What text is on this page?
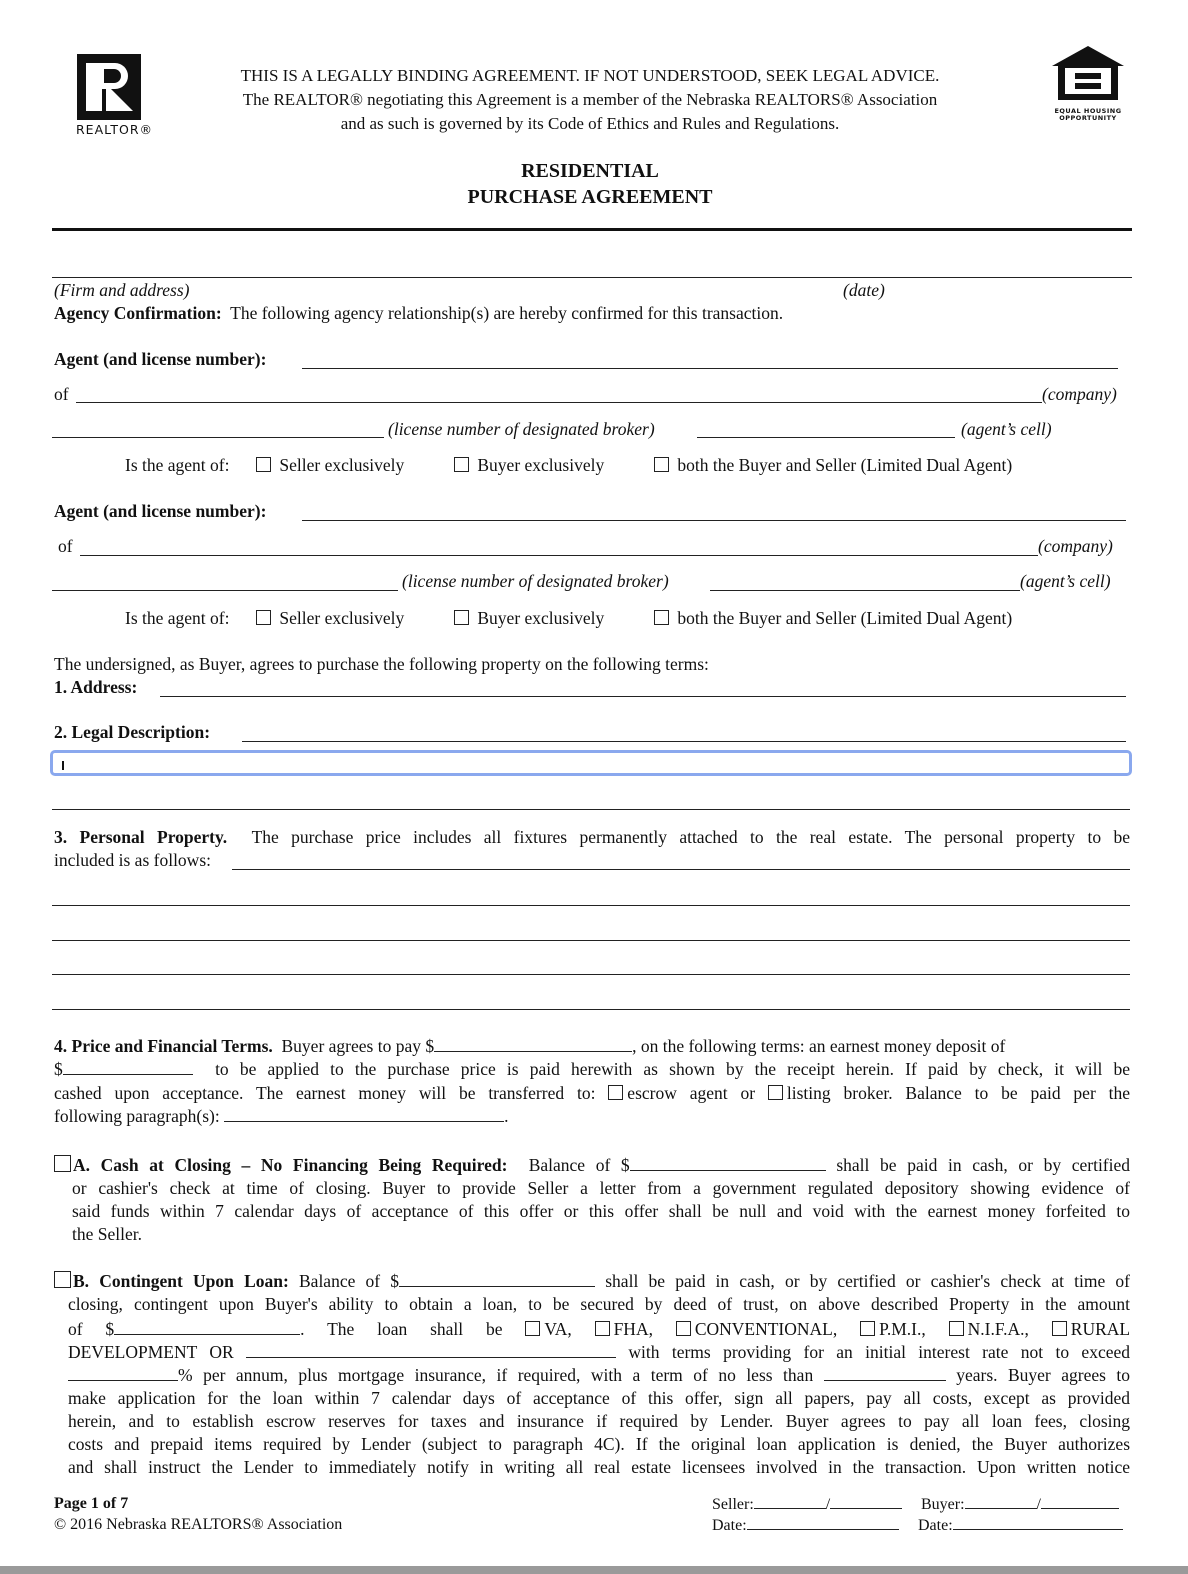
REALTOR®
THIS IS A LEGALLY BINDING AGREEMENT. IF NOT UNDERSTOOD, SEEK LEGAL ADVICE.
The REALTOR® negotiating this Agreement is a member of the Nebraska REALTORS® Association
and as such is governed by its Code of Ethics and Rules and Regulations.
EQUAL HOUSING
OPPORTUNITY
RESIDENTIAL
PURCHASE AGREEMENT
(Firm and address)	(date)
Agency Confirmation: The following agency relationship(s) are hereby confirmed for this transaction.
Agent (and license number):
of	(company)
(license number of designated broker)	(agent’s cell)
Is the agent of:	Seller exclusively	Buyer exclusively	both the Buyer and Seller (Limited Dual Agent)
Agent (and license number):
of	(company)
(license number of designated broker)	(agent’s cell)
Is the agent of:	Seller exclusively	Buyer exclusively	both the Buyer and Seller (Limited Dual Agent)
The undersigned, as Buyer, agrees to purchase the following property on the following terms:
1. Address:
2. Legal Description:
3. Personal Property. The purchase price includes all fixtures permanently attached to the real estate. The personal property to be
included is as follows:
4. Price and Financial Terms. Buyer agrees to pay $	, on the following terms: an earnest money deposit of
$	to be applied to the purchase price is paid herewith as shown by the receipt herein. If paid by check, it will be
cashed upon acceptance. The earnest money will be transferred to: escrow agent or listing broker. Balance to be paid per the
following paragraph(s):	.
A. Cash at Closing – No Financing Being Required: Balance of $	shall be paid in cash, or by certified
or cashier's check at time of closing. Buyer to provide Seller a letter from a government regulated depository showing evidence of
said funds within 7 calendar days of acceptance of this offer or this offer shall be null and void with the earnest money forfeited to
the Seller.
B. Contingent Upon Loan: Balance of $	shall be paid in cash, or by certified or cashier's check at time of
closing, contingent upon Buyer's ability to obtain a loan, to be secured by deed of trust, on above described Property in the amount
of $	. The loan shall be VA, FHA, CONVENTIONAL, P.M.I., N.I.F.A., RURAL
DEVELOPMENT OR	with terms providing for an initial interest rate not to exceed
% per annum, plus mortgage insurance, if required, with a term of no less than	years. Buyer agrees to
make application for the loan within 7 calendar days of acceptance of this offer, sign all papers, pay all costs, except as provided
herein, and to establish escrow reserves for taxes and insurance if required by Lender. Buyer agrees to pay all loan fees, closing
costs and prepaid items required by Lender (subject to paragraph 4C). If the original loan application is denied, the Buyer authorizes
and shall instruct the Lender to immediately notify in writing all real estate licensees involved in the transaction. Upon written notice
Page 1 of 7
© 2016 Nebraska REALTORS® Association
Seller:	/	Buyer:	/
Date:	Date:
